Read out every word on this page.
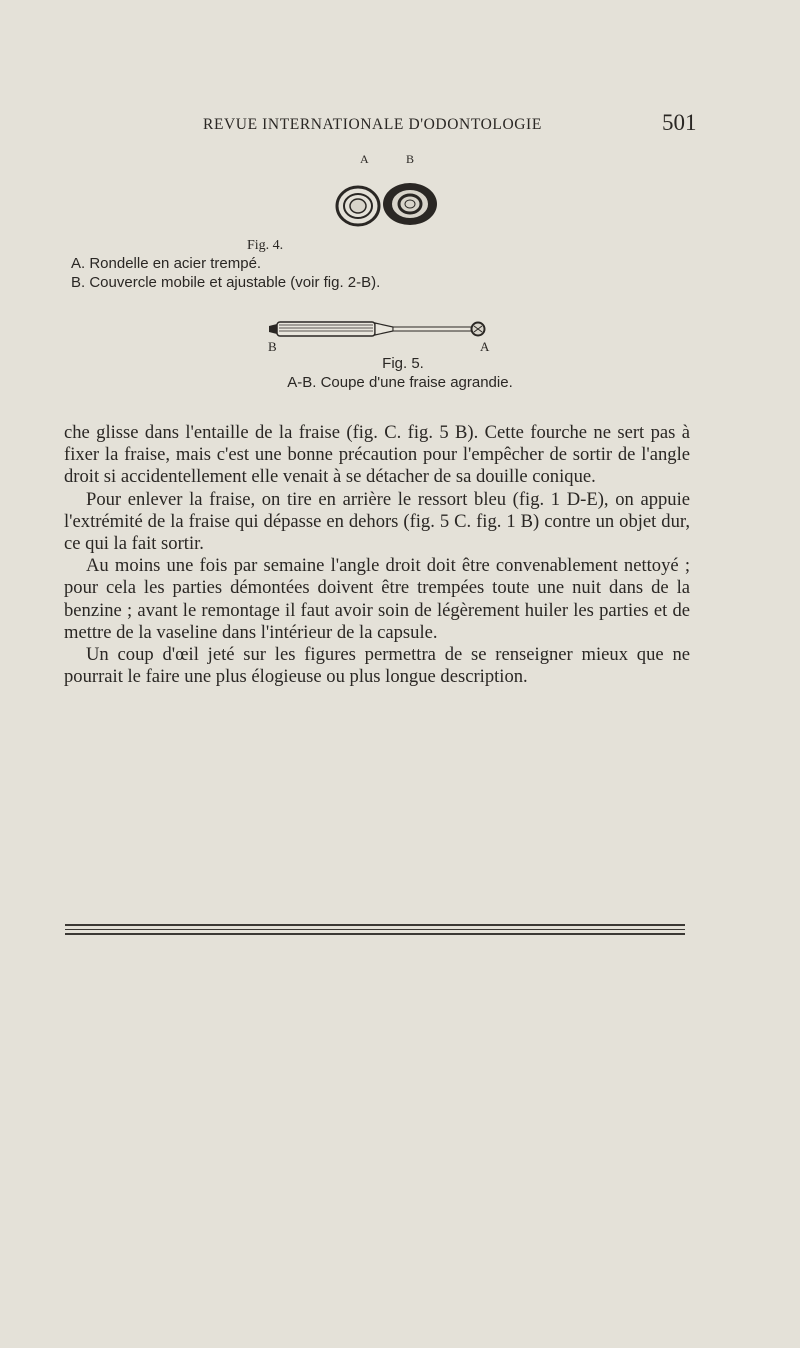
REVUE INTERNATIONALE D'ODONTOLOGIE	501
A	B
Fig. 4.
A. Rondelle en acier trempé.
B. Couvercle mobile et ajustable (voir fig. 2-B).
B	A
Fig. 5.
A-B. Coupe d'une fraise agrandie.

che glisse dans l'entaille de la fraise (fig. C. fig. 5 B). Cette fourche ne sert pas à fixer la fraise, mais c'est une bonne précaution pour l'empêcher de sortir de l'angle droit si accidentellement elle venait à se détacher de sa douille conique.

Pour enlever la fraise, on tire en arrière le ressort bleu (fig. 1 D-E), on appuie l'extrémité de la fraise qui dépasse en dehors (fig. 5 C. fig. 1 B) contre un objet dur, ce qui la fait sortir.

Au moins une fois par semaine l'angle droit doit être convenablement nettoyé ; pour cela les parties démontées doivent être trempées toute une nuit dans de la benzine ; avant le remontage il faut avoir soin de légèrement huiler les parties et de mettre de la vaseline dans l'intérieur de la capsule.

Un coup d'œil jeté sur les figures permettra de se renseigner mieux que ne pourrait le faire une plus élogieuse ou plus longue description.
